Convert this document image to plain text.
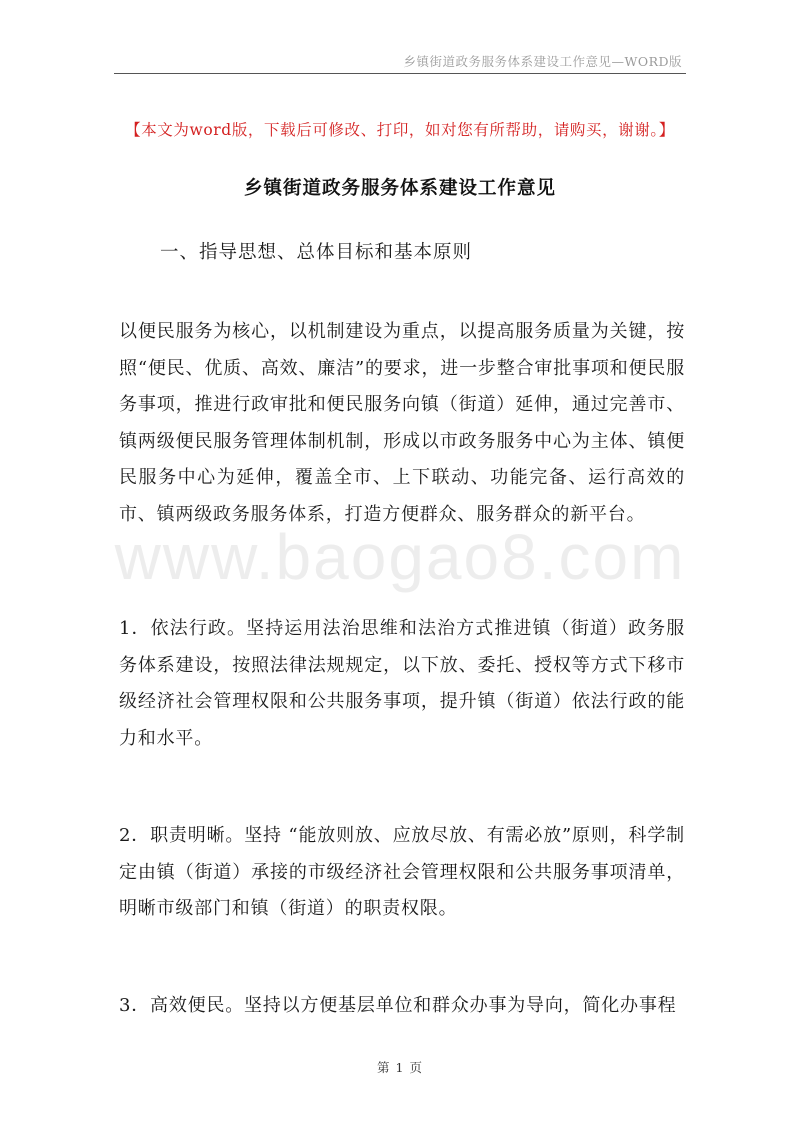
乡镇街道政务服务体系建设工作意见—WORD版
【本文为word版，下载后可修改、打印，如对您有所帮助，请购买，谢谢。】
乡镇街道政务服务体系建设工作意见
一、指导思想、总体目标和基本原则
以便民服务为核心，以机制建设为重点，以提高服务质量为关键，按照“便民、优质、高效、廉洁”的要求，进一步整合审批事项和便民服务事项，推进行政审批和便民服务向镇（街道）延伸，通过完善市、镇两级便民服务管理体制机制，形成以市政务服务中心为主体、镇便民服务中心为延伸，覆盖全市、上下联动、功能完备、运行高效的市、镇两级政务服务体系，打造方便群众、服务群众的新平台。
1．依法行政。坚持运用法治思维和法治方式推进镇（街道）政务服务体系建设，按照法律法规规定，以下放、委托、授权等方式下移市级经济社会管理权限和公共服务事项，提升镇（街道）依法行政的能力和水平。
2．职责明晰。坚持 “能放则放、应放尽放、有需必放”原则，科学制定由镇（街道）承接的市级经济社会管理权限和公共服务事项清单，明晰市级部门和镇（街道）的职责权限。
3．高效便民。坚持以方便基层单位和群众办事为导向，简化办事程
www.baogao8.com
第 1 页
